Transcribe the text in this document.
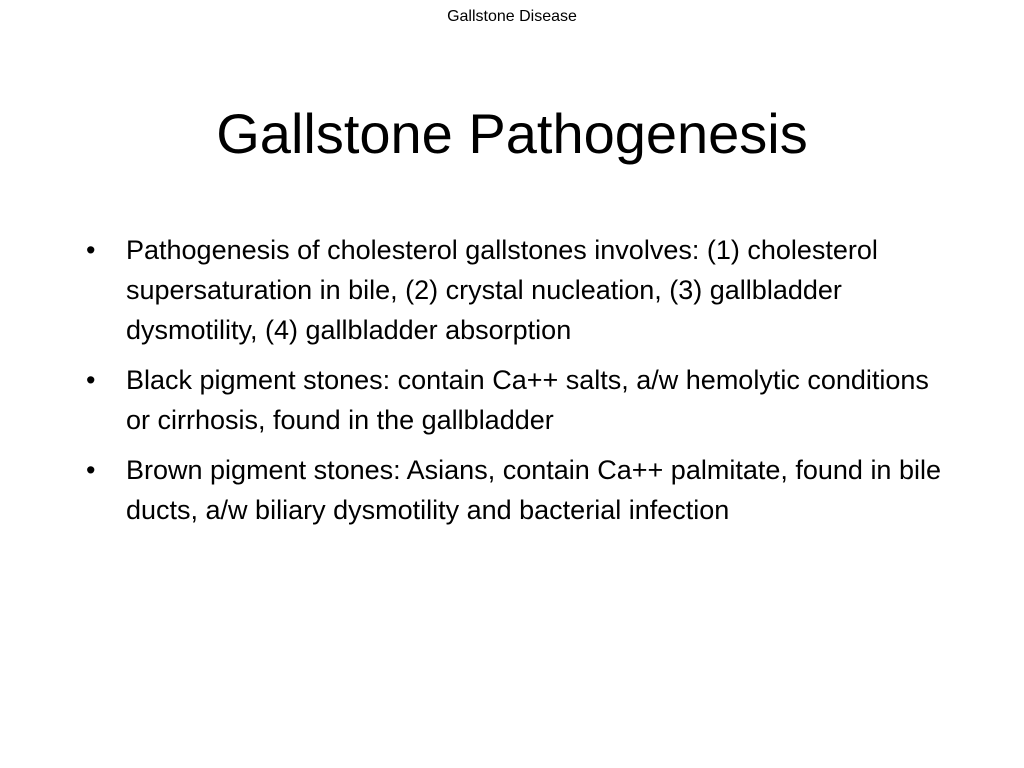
Gallstone Disease
Gallstone Pathogenesis
•	Pathogenesis of cholesterol gallstones involves: (1) cholesterol supersaturation in bile, (2) crystal nucleation, (3) gallbladder dysmotility, (4) gallbladder absorption
•	Black pigment stones: contain Ca++ salts, a/w hemolytic conditions or cirrhosis, found in the gallbladder
•	Brown pigment stones: Asians, contain Ca++ palmitate, found in bile ducts, a/w biliary dysmotility and bacterial infection
